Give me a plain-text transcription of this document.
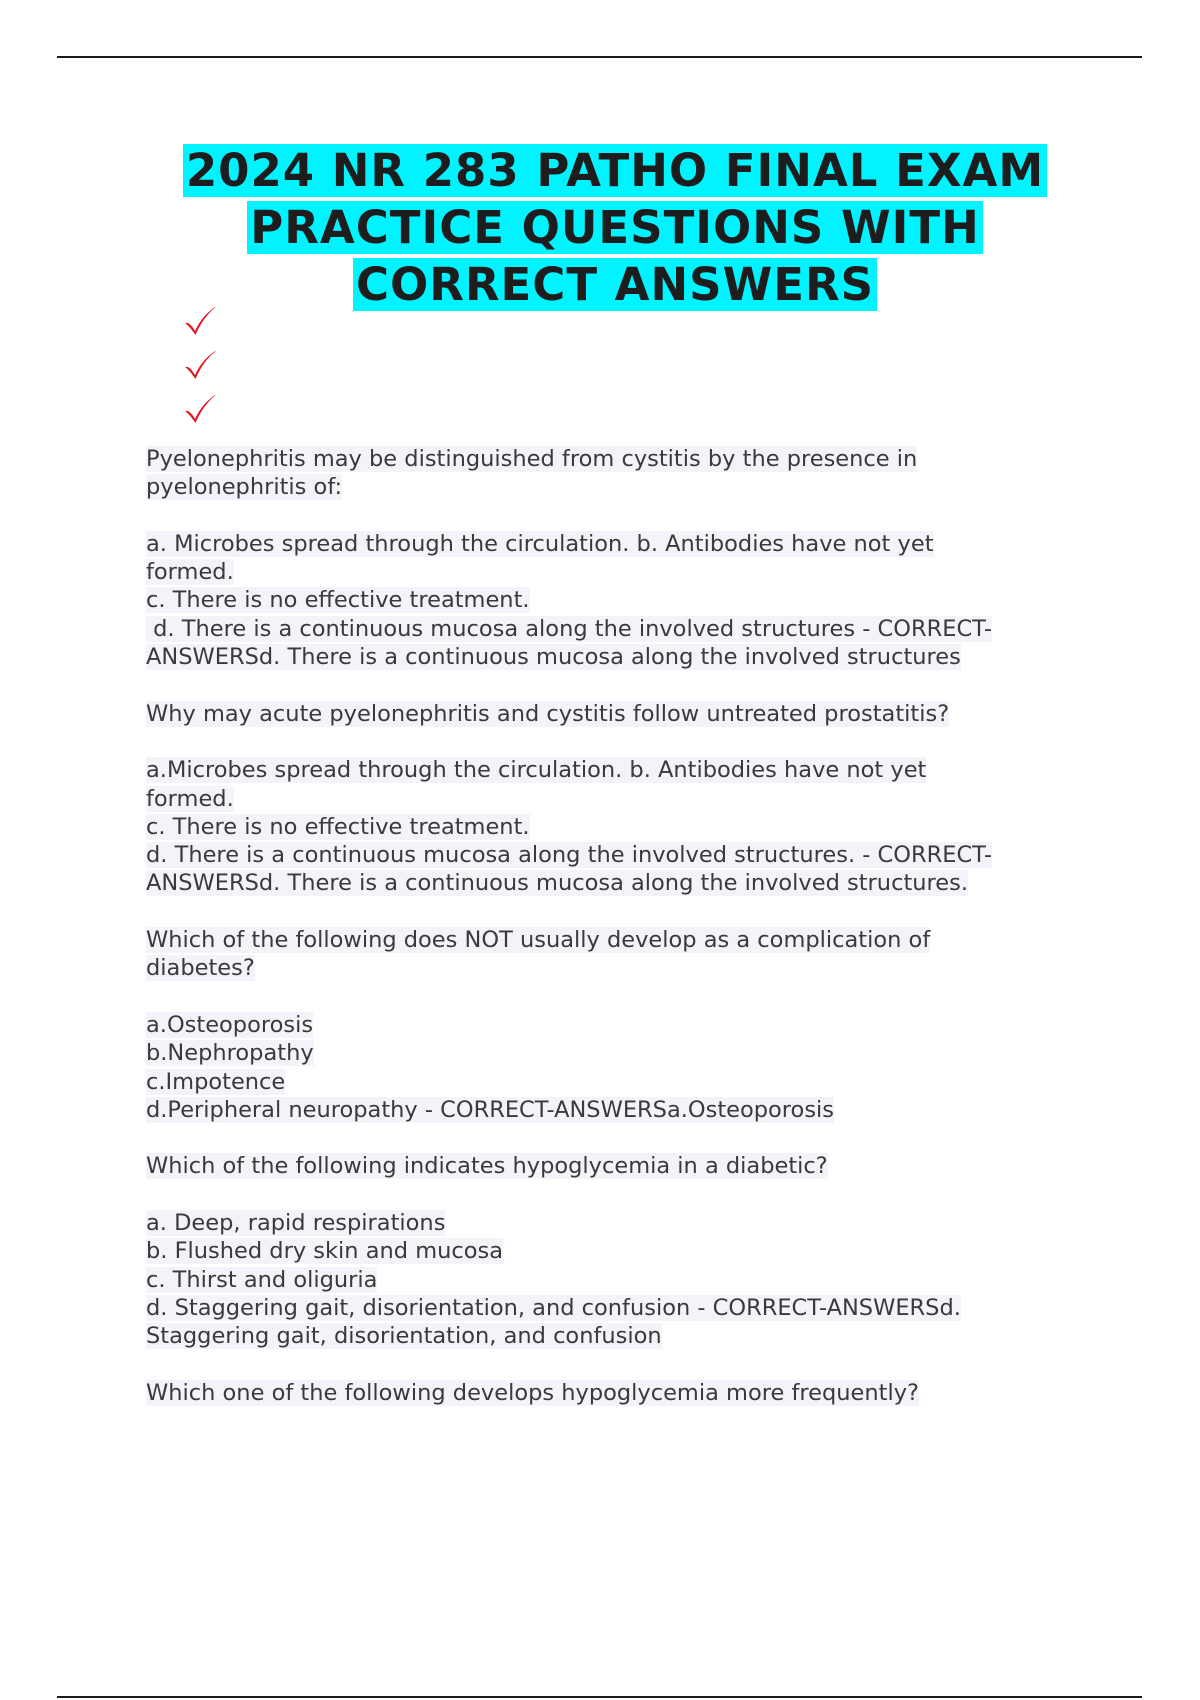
2024 NR 283 PATHO FINAL EXAM
PRACTICE QUESTIONS WITH
CORRECT ANSWERS

Pyelonephritis may be distinguished from cystitis by the presence in

pyelonephritis of:

a. Microbes spread through the circulation. b. Antibodies have not yet

formed.

c. There is no effective treatment.

d. There is a continuous mucosa along the involved structures - CORRECT-

ANSWERSd. There is a continuous mucosa along the involved structures

Why may acute pyelonephritis and cystitis follow untreated prostatitis?

a.Microbes spread through the circulation. b. Antibodies have not yet

formed.

c. There is no effective treatment.

d. There is a continuous mucosa along the involved structures. - CORRECT-

ANSWERSd. There is a continuous mucosa along the involved structures.

Which of the following does NOT usually develop as a complication of

diabetes?

a.Osteoporosis

b.Nephropathy

c.Impotence

d.Peripheral neuropathy - CORRECT-ANSWERSa.Osteoporosis

Which of the following indicates hypoglycemia in a diabetic?

a. Deep, rapid respirations

b. Flushed dry skin and mucosa

c. Thirst and oliguria

d. Staggering gait, disorientation, and confusion - CORRECT-ANSWERSd.

Staggering gait, disorientation, and confusion

Which one of the following develops hypoglycemia more frequently?
